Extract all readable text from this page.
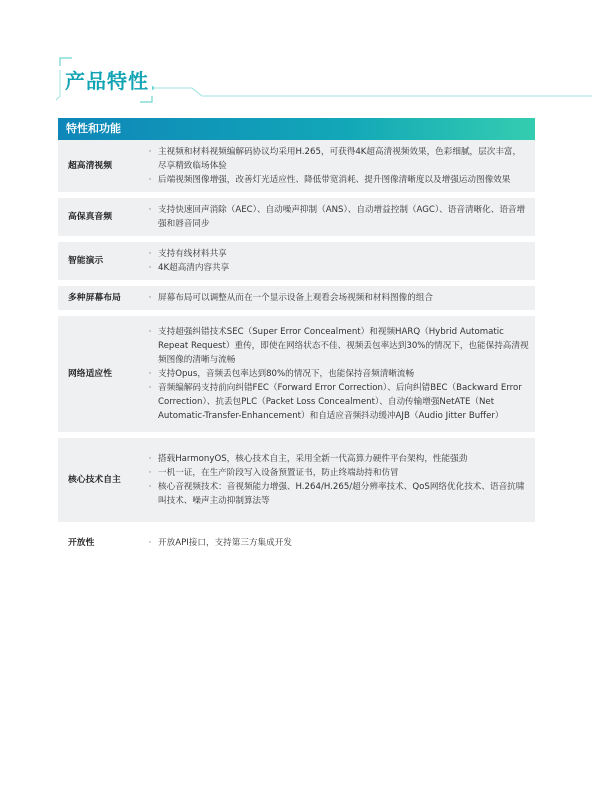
产品特性
特性和功能
超高清视频
· 主视频和材料视频编解码协议均采用H.265，可获得4K超高清视频效果，色彩细腻，层次丰富，尽享精致临场体验
· 后端视频图像增强，改善灯光适应性、降低带宽消耗、提升图像清晰度以及增强运动图像效果
高保真音频
· 支持快速回声消除（AEC）、自动噪声抑制（ANS）、自动增益控制（AGC）、语音清晰化、语音增强和唇音同步
智能演示
· 支持有线材料共享
· 4K超高清内容共享
多种屏幕布局	· 屏幕布局可以调整从而在一个显示设备上观看会场视频和材料图像的组合
网络适应性
· 支持超强纠错技术SEC（Super Error Concealment）和视频HARQ（Hybrid Automatic Repeat Request）重传，即使在网络状态不佳、视频丢包率达到30%的情况下，也能保持高清视频图像的清晰与流畅
· 支持Opus，音频丢包率达到80%的情况下，也能保持音频清晰流畅
· 音频编解码支持前向纠错FEC（Forward Error Correction）、后向纠错BEC（Backward Error Correction）、抗丢包PLC（Packet Loss Concealment）、自动传输增强NetATE（Net Automatic-Transfer-Enhancement）和自适应音频抖动缓冲AJB（Audio Jitter Buffer）
核心技术自主
· 搭载HarmonyOS，核心技术自主，采用全新一代高算力硬件平台架构，性能强劲
· 一机一证，在生产阶段写入设备预置证书，防止终端劫持和仿冒
· 核心音视频技术：音视频能力增强、H.264/H.265/超分辨率技术、QoS网络优化技术、语音抗啸叫技术、噪声主动抑制算法等
开放性	· 开放API接口，支持第三方集成开发
